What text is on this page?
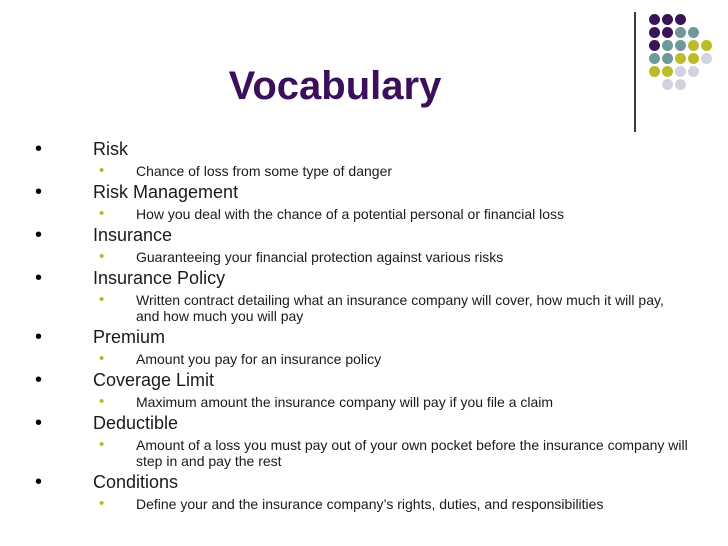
Vocabulary
•	Risk
• Chance of loss from some type of danger
•	Risk Management
• How you deal with the chance of a potential personal or financial loss
•	Insurance
• Guaranteeing your financial protection against various risks
•	Insurance Policy
• Written contract detailing what an insurance company will cover, how much it will pay, and how much you will pay
•	Premium
• Amount you pay for an insurance policy
•	Coverage Limit
• Maximum amount the insurance company will pay if you file a claim
•	Deductible
• Amount of a loss you must pay out of your own pocket before the insurance company will step in and pay the rest
•	Conditions
• Define your and the insurance company’s rights, duties, and responsibilities
